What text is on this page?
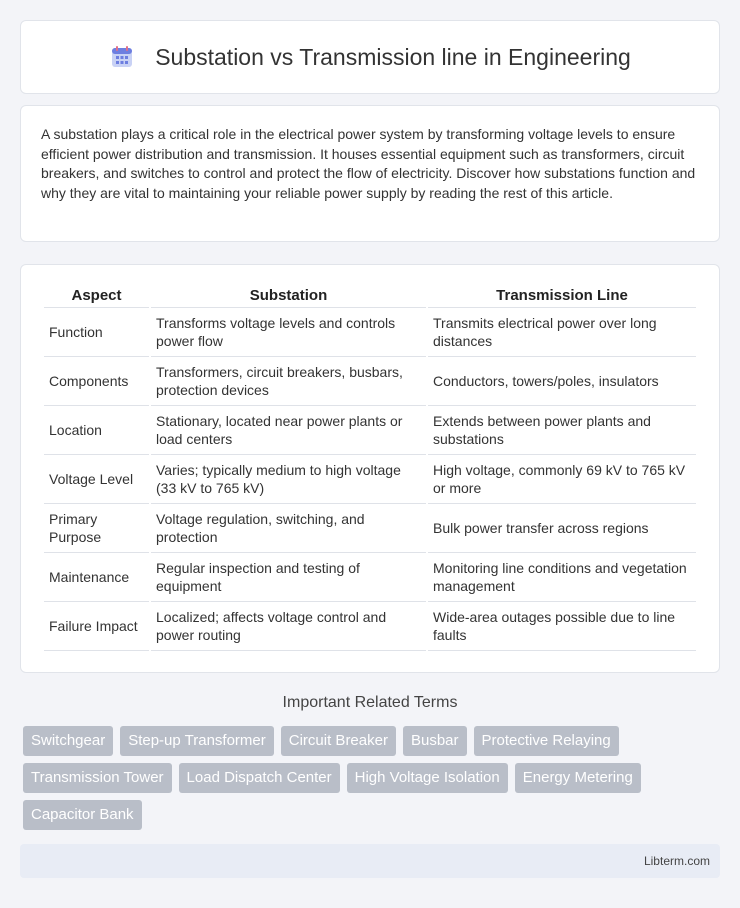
Substation vs Transmission line in Engineering

A substation plays a critical role in the electrical power system by transforming voltage levels to ensure efficient power distribution and transmission. It houses essential equipment such as transformers, circuit breakers, and switches to control and protect the flow of electricity. Discover how substations function and why they are vital to maintaining your reliable power supply by reading the rest of this article.

Aspect	Substation	Transmission Line
Function	Transforms voltage levels and controls power flow	Transmits electrical power over long distances
Components	Transformers, circuit breakers, busbars, protection devices	Conductors, towers/poles, insulators
Location	Stationary, located near power plants or load centers	Extends between power plants and substations
Voltage Level	Varies; typically medium to high voltage (33 kV to 765 kV)	High voltage, commonly 69 kV to 765 kV or more
Primary Purpose	Voltage regulation, switching, and protection	Bulk power transfer across regions
Maintenance	Regular inspection and testing of equipment	Monitoring line conditions and vegetation management
Failure Impact	Localized; affects voltage control and power routing	Wide-area outages possible due to line faults
Important Related Terms
Switchgear	Step-up Transformer	Circuit Breaker	Busbar	Protective Relaying
Transmission Tower	Load Dispatch Center	High Voltage Isolation	Energy Metering
Capacitor Bank
Libterm.com
